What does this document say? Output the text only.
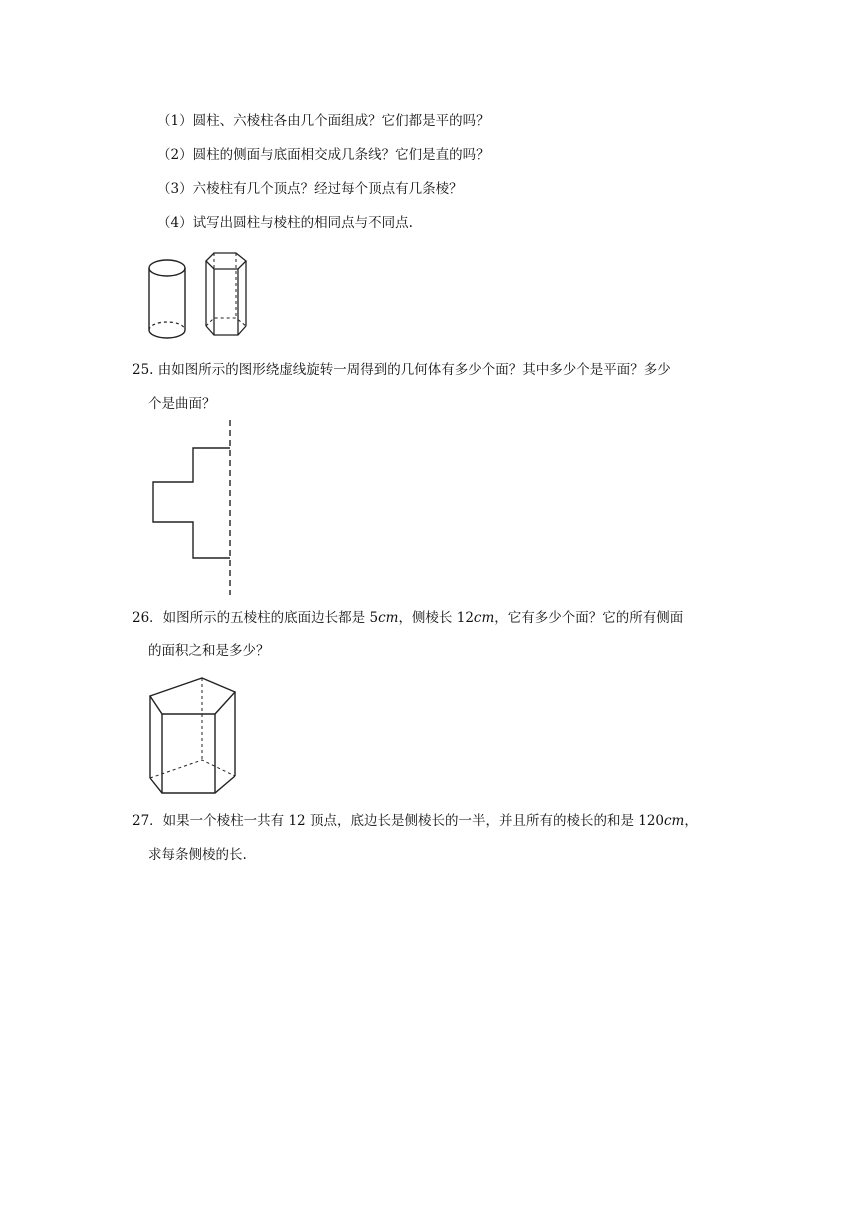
（1）圆柱、六棱柱各由几个面组成？它们都是平的吗？
（2）圆柱的侧面与底面相交成几条线？它们是直的吗？
（3）六棱柱有几个顶点？经过每个顶点有几条棱？
（4）试写出圆柱与棱柱的相同点与不同点.
25. 由如图所示的图形绕虚线旋转一周得到的几何体有多少个面？其中多少个是平面？多少
个是曲面？
26．如图所示的五棱柱的底面边长都是 5cm，侧棱长 12cm，它有多少个面？它的所有侧面
的面积之和是多少？
27．如果一个棱柱一共有 12 顶点，底边长是侧棱长的一半，并且所有的棱长的和是 120cm，
求每条侧棱的长.
